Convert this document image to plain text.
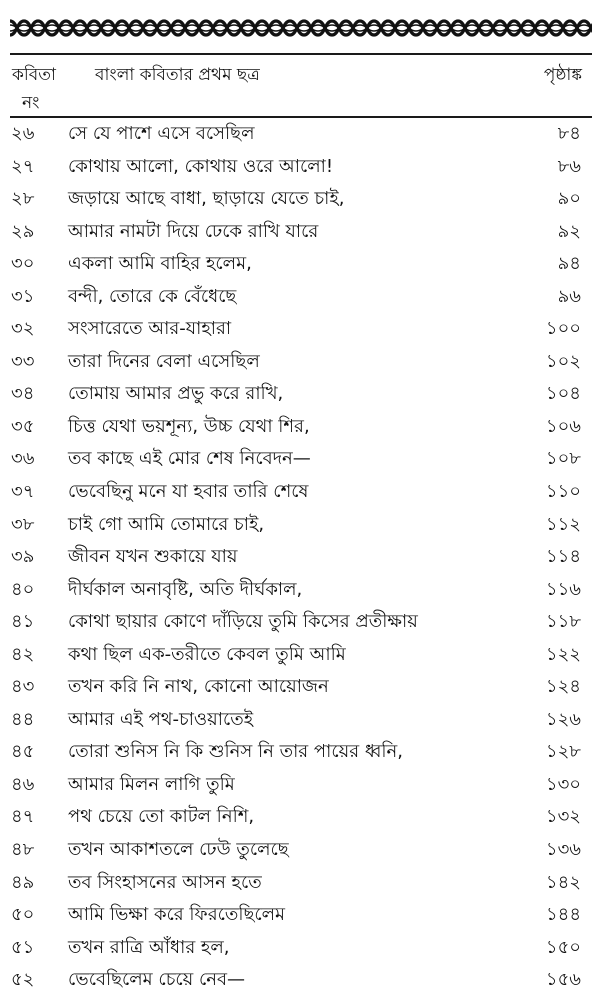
কবিতা
নং
বাংলা কবিতার প্রথম ছত্র	পৃষ্ঠাঙ্ক
২৬ সে যে পাশে এসে বসেছিল	৮৪
২৭ কোথায় আলো, কোথায় ওরে আলো!	৮৬
২৮ জড়ায়ে আছে বাধা, ছাড়ায়ে যেতে চাই,	৯০
২৯ আমার নামটা দিয়ে ঢেকে রাখি যারে	৯২
৩০ একলা আমি বাহির হলেম,	৯৪
৩১ বন্দী, তোরে কে বেঁধেছে	৯৬
৩২ সংসারেতে আর-যাহারা	১০০
৩৩ তারা দিনের বেলা এসেছিল	১০২
৩৪ তোমায় আমার প্রভু করে রাখি,	১০৪
৩৫ চিত্ত যেথা ভয়শূন্য, উচ্চ যেথা শির,	১০৬
৩৬ তব কাছে এই মোর শেষ নিবেদন—	১০৮
৩৭ ভেবেছিনু মনে যা হবার তারি শেষে	১১০
৩৮ চাই গো আমি তোমারে চাই,	১১২
৩৯ জীবন যখন শুকায়ে যায়	১১৪
৪০ দীর্ঘকাল অনাবৃষ্টি, অতি দীর্ঘকাল,	১১৬
৪১ কোথা ছায়ার কোণে দাঁড়িয়ে তুমি কিসের প্রতীক্ষায়	১১৮
৪২ কথা ছিল এক-তরীতে কেবল তুমি আমি	১২২
৪৩ তখন করি নি নাথ, কোনো আয়োজন	১২৪
৪৪ আমার এই পথ-চাওয়াতেই	১২৬
৪৫ তোরা শুনিস নি কি শুনিস নি তার পায়ের ধ্বনি,	১২৮
৪৬ আমার মিলন লাগি তুমি	১৩০
৪৭ পথ চেয়ে তো কাটল নিশি,	১৩২
৪৮ তখন আকাশতলে ঢেউ তুলেছে	১৩৬
৪৯ তব সিংহাসনের আসন হতে	১৪২
৫০ আমি ভিক্ষা করে ফিরতেছিলেম	১৪৪
৫১ তখন রাত্রি আঁধার হল,	১৫০
৫২ ভেবেছিলেম চেয়ে নেব—	১৫৬
